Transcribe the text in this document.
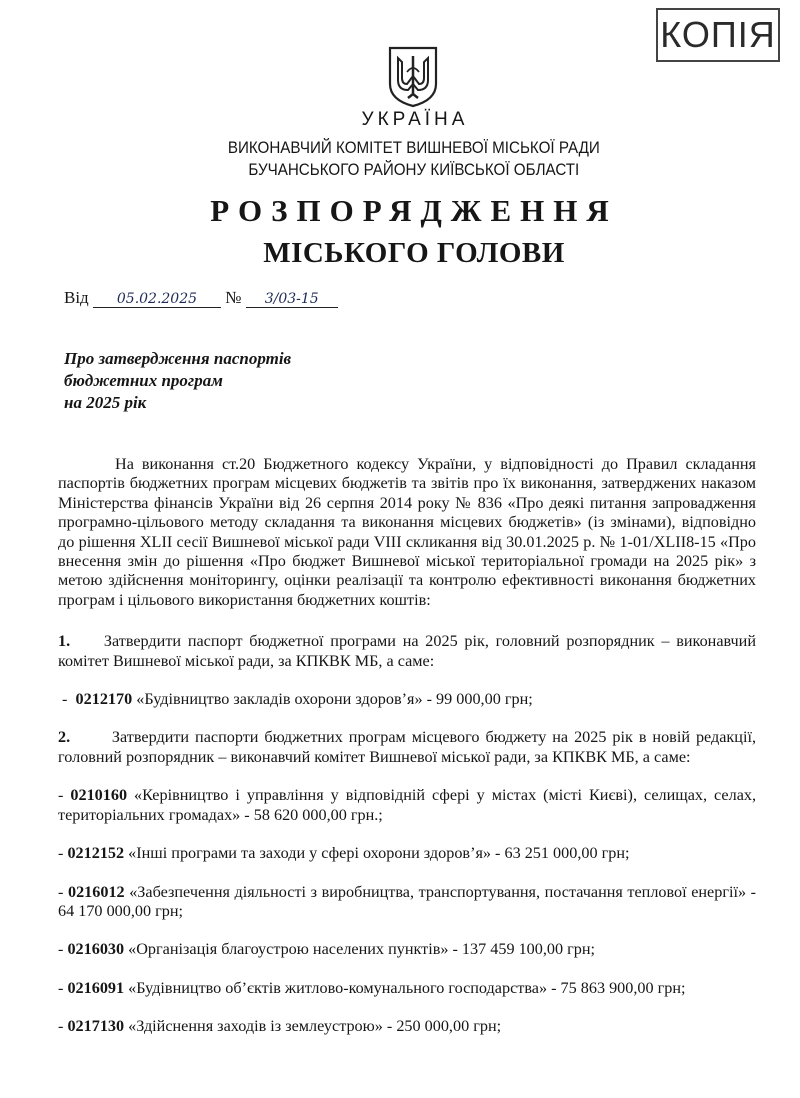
КОПІЯ
УКРАЇНА
ВИКОНАВЧИЙ КОМІТЕТ ВИШНЕВОЇ МІСЬКОЇ РАДИ
БУЧАНСЬКОГО РАЙОНУ КИЇВСЬКОЇ ОБЛАСТІ
РОЗПОРЯДЖЕННЯ
МІСЬКОГО ГОЛОВИ
Від 05.02.2025 № 3/03-15
Про затвердження паспортів
бюджетних програм
на 2025 рік

На виконання ст.20 Бюджетного кодексу України, у відповідності до Правил складання паспортів бюджетних програм місцевих бюджетів та звітів про їх виконання, затверджених наказом Міністерства фінансів України від 26 серпня 2014 року № 836 «Про деякі питання запровадження програмно-цільового методу складання та виконання місцевих бюджетів» (із змінами), відповідно до рішення XLII сесії Вишневої міської ради VIII скликання від 30.01.2025 р. № 1-01/XLII8-15 «Про внесення змін до рішення «Про бюджет Вишневої міської територіальної громади на 2025 рік» з метою здійснення моніторингу, оцінки реалізації та контролю ефективності виконання бюджетних програм і цільового використання бюджетних коштів:

1. Затвердити паспорт бюджетної програми на 2025 рік, головний розпорядник – виконавчий комітет Вишневої міської ради, за КПКВК МБ, а саме:

-  0212170 «Будівництво закладів охорони здоров’я» - 99 000,00 грн;

2.	Затвердити паспорти бюджетних програм місцевого бюджету на 2025 рік в новій редакції, головний розпорядник – виконавчий комітет Вишневої міської ради, за КПКВК МБ, а саме:

- 0210160 «Керівництво і управління у відповідній сфері у містах (місті Києві), селищах, селах, територіальних громадах» - 58 620 000,00 грн.;

- 0212152 «Інші програми та заходи у сфері охорони здоров’я» - 63 251 000,00 грн;

- 0216012 «Забезпечення діяльності з виробництва, транспортування, постачання теплової енергії» - 64 170 000,00 грн;

- 0216030 «Організація благоустрою населених пунктів» - 137 459 100,00 грн;

- 0216091 «Будівництво об’єктів житлово-комунального господарства» - 75 863 900,00 грн;

- 0217130 «Здійснення заходів із землеустрою» - 250 000,00 грн;
